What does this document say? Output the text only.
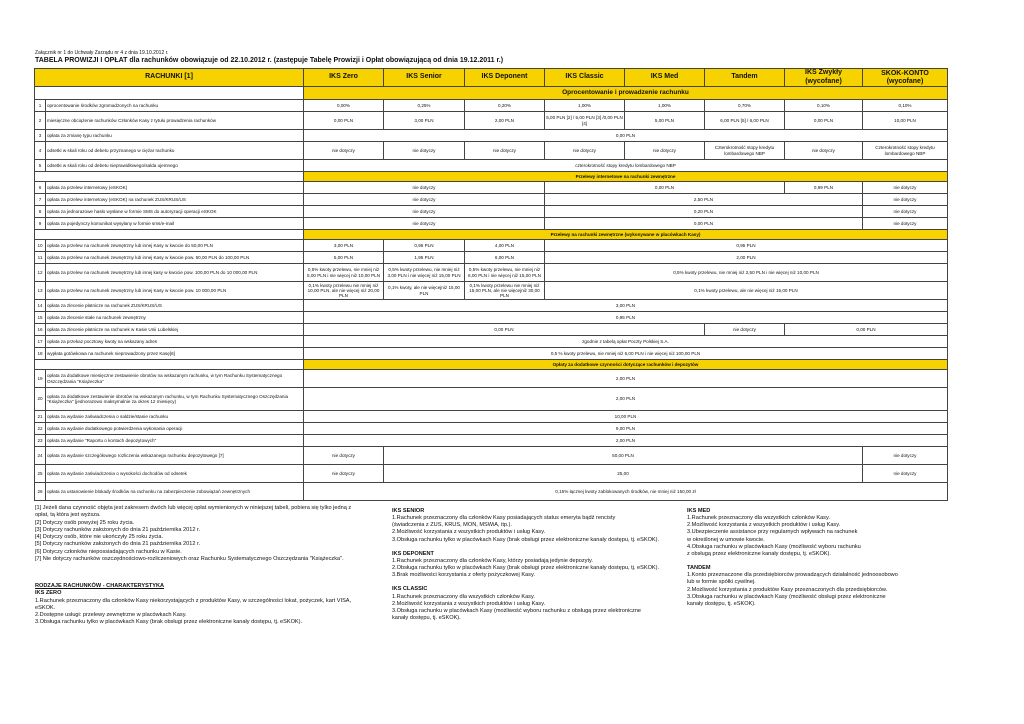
Załącznik nr 1 do Uchwały Zarządu nr 4 z dnia 19.10.2012 r.
TABELA PROWIZJI I OPŁAT dla rachunków obowiązuje od 22.10.2012 r. (zastępuje Tabelę Prowizji i Opłat obowiązującą od dnia 19.12.2011 r.)
RACHUNKI [1]		IKS Zero	IKS Senior	IKS Deponent	IKS Classic	IKS Med	Tandem	IKS Zwykły (wycofane)	SKOK-KONTO (wycofane)	
		Oprocentowanie i prowadzenie rachunku								
1	oprocentowanie środków zgromadzonych na rachunku	0,00%	0,25%	0,20%	1,00%	1,00%	0,70%	0,10%	0,10%	
2	miesięczne obciążenie rachunków Członków Kasy z tytułu prowadzenia rachunków	0,00 PLN	3,00 PLN	2,00 PLN	5,00 PLN [2] / 5,00 PLN [3] /0,00 PLN [4]	5,00 PLN	6,00 PLN [5] / 6,00 PLN	0,00 PLN	10,00 PLN	
3	opłata za zmianę typu rachunku	0,00 PLN								
4	odsetki w skali roku od debetu przyznanego w ciężar rachunku	nie dotyczy	nie dotyczy	nie dotyczy	nie dotyczy	nie dotyczy	Czterokrotność stopy kredytu lombardowego NBP	nie dotyczy	Czterokrotność stopy kredytu lombardowego NBP	
5	odsetki w skali roku od debetu nieprawidłowego/salda ujemnego	czterokrotność stopy kredytu lombardowego NBP								
		Przelewy internetowe na rachunki zewnętrzne								
6	opłata za przelew internetowy (eSKOK)	nie dotyczy			0,00 PLN			0,99 PLN	nie dotyczy	
7	opłata za przelew internetowy (eSKOK) na rachunek ZUS/KRUS/US	nie dotyczy			2,50 PLN				nie dotyczy	
8	opłata za jednorazowe hasło wysłane w formie SMS do autoryzacji operacji eSKOK	nie dotyczy			0,20 PLN				nie dotyczy	
9	opłata za pojedynczy komunikat wysyłany w formie sms/e-mail	nie dotyczy			0,00 PLN				nie dotyczy	
		Przelewy na rachunki zewnętrzne (wykonywane w placówkach Kasy)								
10	opłata za przelew na rachunek zewnętrzny lub innej Kasy w kwocie do 50,00 PLN	3,00 PLN	0,95 PLN	4,00 PLN	0,95 PLN					
11	opłata za przelew na rachunek zewnętrzny lub innej Kasy w kwocie pow. 50,00 PLN do 100,00 PLN	5,00 PLN	1,95 PLN	6,00 PLN	2,00 PLN					
12	opłata za przelew na rachunek zewnętrzny lub innej kasy w kwocie pow. 100,00 PLN do 10 000,00 PLN	0,5% kwoty przelewu, nie mniej niż 5,00 PLN i nie więcej niż 10,00 PLN	0,5% kwoty przelewu, nie mniej niż 3,00 PLN i nie więcej niż 15,00 PLN	0,5% kwoty przelewu, nie mniej niż 6,00 PLN i nie więcej niż 15,00 PLN	0,5% kwoty przelewu, nie mniej niż 2,50 PLN i nie więcej niż 10,00 PLN					
13	opłata za przelew na rachunek zewnętrzny lub innej Kasy w kwocie pow. 10 000,00 PLN	0,1% kwoty przelewu nie mniej niż 10,00 PLN, ale nie więcej niż 20,00 PLN	0,1% kwoty, ale nie więcejniż 15,00 PLN	0,1% kwoty przelewu nie mniej niż 15,00 PLN, ale nie więcejniż 30,00 PLN	0,1% kwoty przelewu, ale nie więcej niż 15,00 PLN					
14	opłata za zlecenie płatnicze na rachunek ZUS/KRUS/US	3,00 PLN								
15	opłata za zlecenie stałe na rachunek zewnętrzny	0,95 PLN								
16	opłata za zlecenie płatnicze na rachunek w Kasie Unii Lubelskiej	0,00 PLN					nie dotyczy	0,00 PLN		
17	opłata za przekaz pocztowy kwoty na wskazany adres	zgodnie z tabelą opłat Poczty Polskiej S.A.								
18	wypłata gotówkowa na rachunek nieprowadzony przez Kasę[6]	0,5 % kwoty przelewu, nie mniej niż 6,00 PLN i nie więcej niż 100,00 PLN								
		Opłaty za dodatkowe czynności dotyczące rachunków i depozytów								
19	opłata za dodatkowe miesięczne zestawienie obrotów na wskazanym rachunku, w tym Rachunku Systematycznego Oszczędzania "Książeczka"	2,00 PLN								
20	opłata za dodatkowe zestawienie obrotów na wskazanym rachunku, w tym Rachunku Systematycznego Oszczędzania "Książeczka" (jednorazowo maksymalnie za okres 12 miesięcy)	2,00 PLN								
21	opłata za wydanie zaświadczenia o saldzie/stanie rachunku	10,00 PLN								
22	opłata za wydanie dodatkowego potwierdzenia wykonania operacji	9,00 PLN								
23	opłata za wydanie "Raportu o kontach depozytowych"	2,00 PLN								
24	opłata za wydanie szczegółowego rozliczenia wskazanego rachunku depozytowego [7]	nie dotyczy	50,00 PLN						nie dotyczy	
25	opłata za wydanie zaświadczenia o wysokości dochodów od odsetek	nie dotyczy	25,00						nie dotyczy	
26	opłata za ustanowienie blokady środków na rachunku na zabezpieczenie zobowiązań zewnętrznych	0,15% łącznej kwoty zablokowanych środków, nie mniej niż 150,00 zł								
[1] Jeżeli dana czynność objęta jest zakresem dwóch lub więcej opłat wymienionych w niniejszej tabeli, pobiera się tylko jedną z opłat, tą która jest wyższa.
[2] Dotyczy osób powyżej 25 roku życia.
[3] Dotyczy rachunków założonych do dnia 21 października 2012 r.
[4] Dotyczy osób, które nie ukończyły 25 roku życia.
[5] Dotyczy rachunków założonych do dnia 21 października 2012 r.
[6] Dotyczy członków niepossiadających rachunku w Kasie.
[7] Nie dotyczy rachunków oszczędnościowo-rozliczeniowych oraz Rachunku Systematycznego Oszczędzania "Książeczka".
RODZAJE RACHUNKÓW - CHARAKTERYSTYKA
IKS ZERO
1.Rachunek przeznaczony dla członków Kasy niekorzystających z produktów Kasy, w szczególności lokat, pożyczek, kart VISA, eSKOK.
2.Dostępne usługi: przelewy zewnętrzne w placówkach Kasy.
3.Obsługa rachunku tylko w placówkach Kasy (brak obsługi przez elektroniczne kanały dostępu, tj. eSKOK).
IKS SENIOR
1.Rachunek przeznaczony dla członków Kasy posiadających status emeryta bądź rencisty
(świadczenia z ZUS, KRUS, MON, MSWiA, itp.).
2.Możliwość korzystania z wszystkich produktów i usług Kasy.
3.Obsługa rachunku tylko w placówkach Kasy (brak obsługi przez elektroniczne kanały dostępu, tj. eSKOK).
IKS DEPONENT
1.Rachunek przeznaczony dla członków Kasy, którzy posiadają jedynie depozyty.
2.Obsługa rachunku tylko w placówkach Kasy (brak obsługi przez elektroniczne kanały dostępu, tj. eSKOK).
3.Brak możliwości korzystania z oferty pożyczkowej Kasy.
IKS CLASSIC
1.Rachunek przeznaczony dla wszystkich członków Kasy.
2.Możliwość korzystania z wszystkich produktów i usług Kasy.
3.Obsługa rachunku w placówkach Kasy (możliwość wyboru rachunku z obsługą przez elektroniczne
kanały dostępu, tj. eSKOK).
IKS MED
1.Rachunek przeznaczony dla wszystkich członków Kasy.
2.Możliwość korzystania z wszystkich produktów i usług Kasy.
3.Ubezpieczenie assistance przy regularnych wpływach na rachunek
w określonej w umowie kwocie.
4.Obsługa rachunku w placówkach Kasy (możliwość wyboru rachunku
z obsługą przez elektroniczne kanały dostępu, tj. eSKOK).
TANDEM
1.Konto przeznaczone dla przedsiębiorców prowadzących działalność jednoosobowo
lub w formie spółki cywilnej.
2.Możliwość korzystania z produktów Kasy przeznaczonych dla przedsiębiorców.
3.Obsługa rachunku w placówkach Kasy (możliwość obsługi przez elektroniczne
kanały dostępu, tj. eSKOK).
